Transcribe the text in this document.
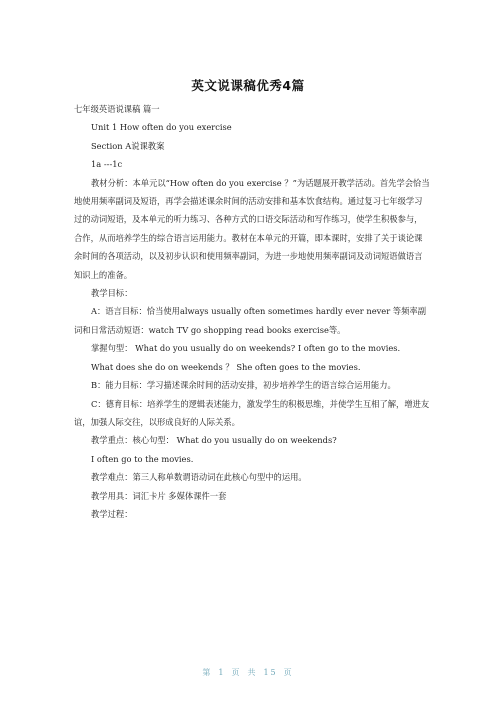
英文说课稿优秀4篇

七年级英语说课稿 篇一

Unit 1 How often do you exercise

Section A说课教案

1a ---1c

教材分析：本单元以“How often do you exercise ？”为话题展开教学活动。首先学会恰当地使用频率副词及短语，再学会描述课余时间的活动安排和基本饮食结构。通过复习七年级学习过的动词短语，及本单元的听力练习、各种方式的口语交际活动和写作练习，使学生积极参与，合作，从而培养学生的综合语言运用能力。教材在本单元的开篇，即本课时，安排了关于谈论课余时间的各项活动，以及初步认识和使用频率副词，为进一步地使用频率副词及动词短语做语言知识上的准备。

教学目标：

A：语言目标：恰当使用always usually often sometimes hardly ever never 等频率副词和日常活动短语：watch TV go shopping read books exercise等。

掌握句型： What do you usually do on weekends? I often go to the movies.

What does she do on weekends ？ She often goes to the movies.

B：能力目标：学习描述课余时间的活动安排，初步培养学生的语言综合运用能力。

C：德育目标：培养学生的逻辑表述能力，激发学生的积极思维，并使学生互相了解，增进友谊，加强人际交往，以形成良好的人际关系。

教学重点：核心句型： What do you usually do on weekends?

I often go to the movies.

教学难点：第三人称单数谓语动词在此核心句型中的运用。

教学用具：词汇卡片 多媒体课件一套

教学过程：

第 1 页 共 15 页
